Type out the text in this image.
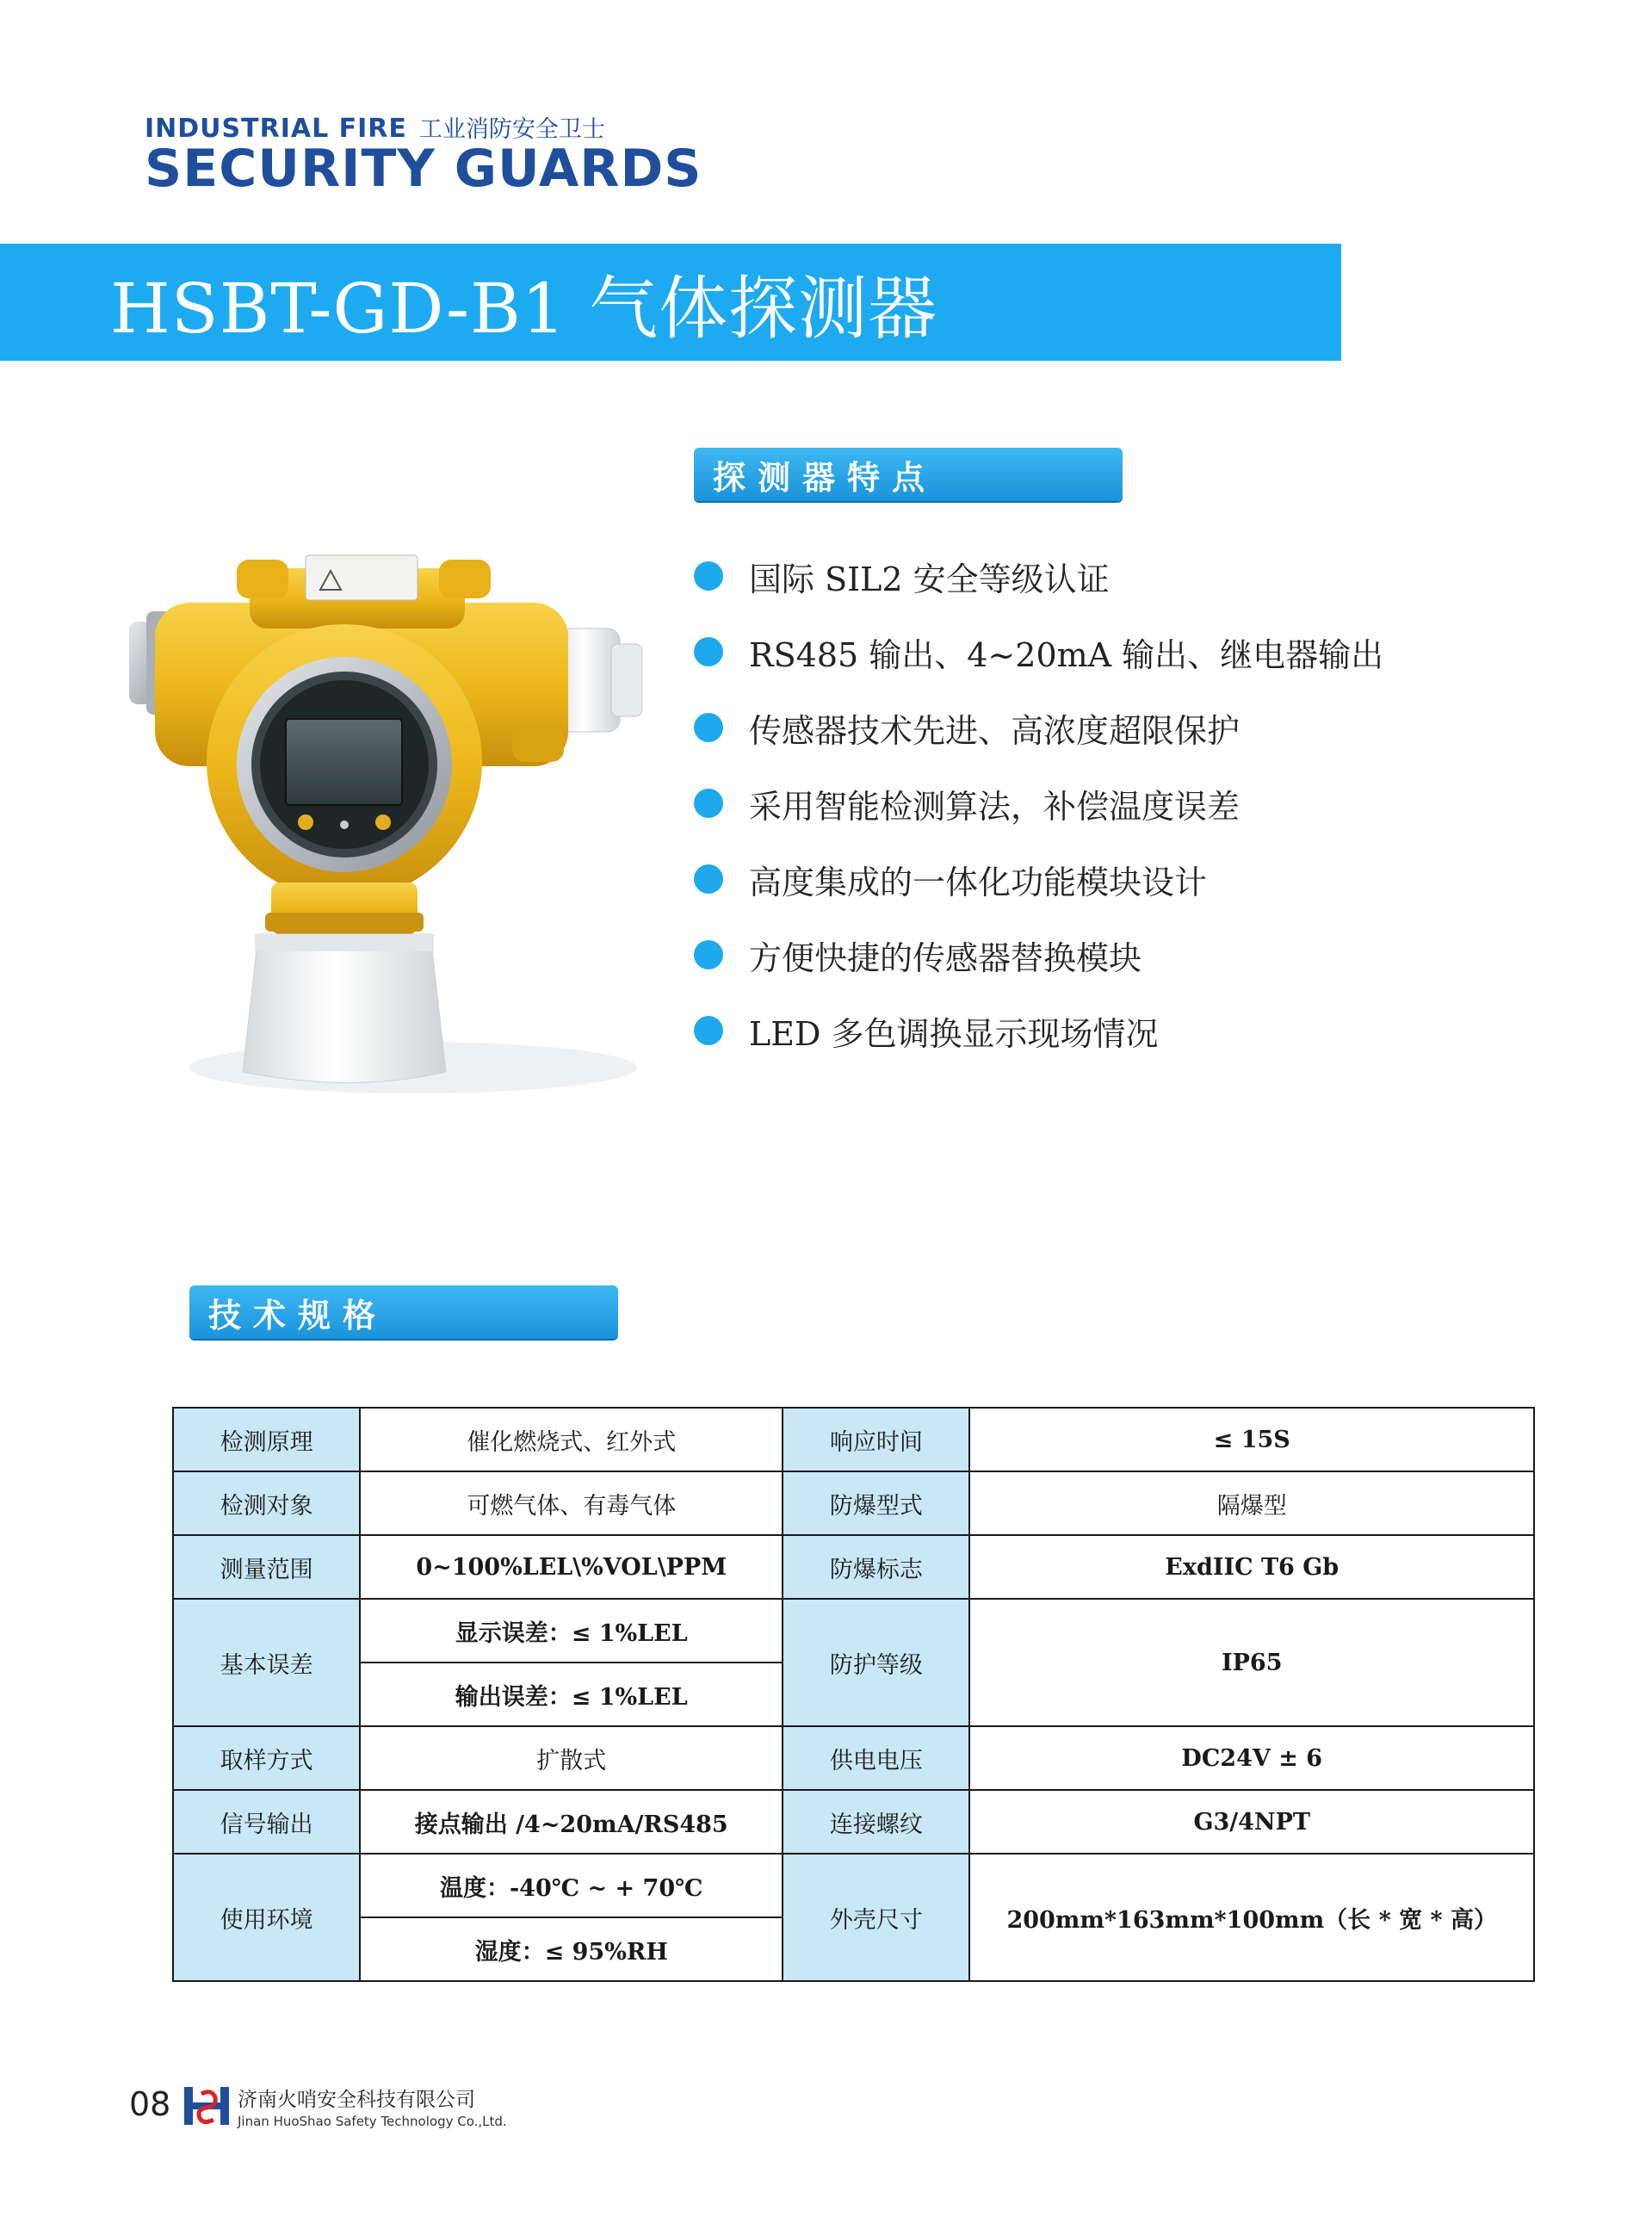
INDUSTRIAL FIRE 工业消防安全卫士
SECURITY GUARDS
HSBT-GD-B1 气体探测器
探测器特点
国际 SIL2 安全等级认证
RS485 输出、4~20mA 输出、继电器输出
传感器技术先进、高浓度超限保护
采用智能检测算法，补偿温度误差
高度集成的一体化功能模块设计
方便快捷的传感器替换模块
LED 多色调换显示现场情况
技术规格
检测原理	催化燃烧式、红外式	响应时间	≤ 15S
检测对象	可燃气体、有毒气体	防爆型式	隔爆型
测量范围	0~100%LEL\%VOL\PPM	防爆标志	ExdIIC T6 Gb
基本误差	显示误差：≤ 1%LEL	防护等级	IP65
	输出误差：≤ 1%LEL		
取样方式	扩散式	供电电压	DC24V ± 6
信号输出	接点输出 /4~20mA/RS485	连接螺纹	G3/4NPT
使用环境	温度：-40℃ ~ + 70℃	外壳尺寸	200mm*163mm*100mm（长 * 宽 * 高）
	湿度：≤ 95%RH		
08	济南火哨安全科技有限公司
Jinan HuoShao Safety Technology Co.,Ltd.
